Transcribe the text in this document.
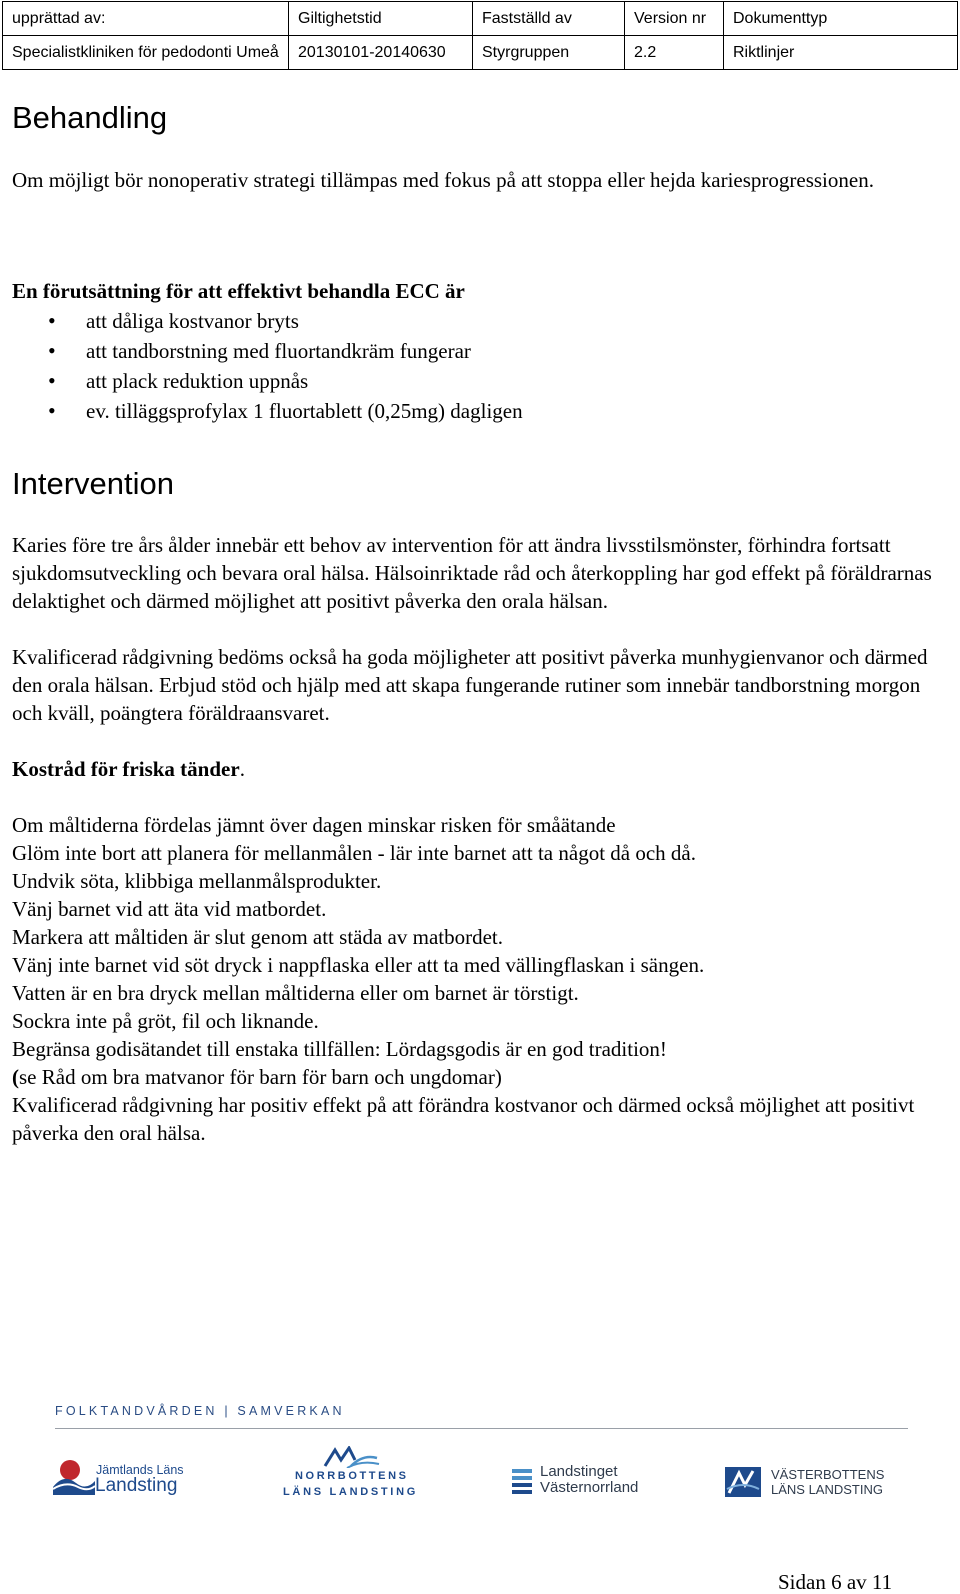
upprättad av:	Giltighetstid	Fastställd av	Version nr	Dokumenttyp
Specialistkliniken för pedodonti Umeå	20130101-20140630	Styrgruppen	2.2	Riktlinjer
Behandling

Om möjligt bör nonoperativ strategi tillämpas med fokus på att stoppa eller hejda kariesprogressionen.

En förutsättning för att effektivt behandla ECC är

• att dåliga kostvanor bryts
• att tandborstning med fluortandkräm fungerar
• att plack reduktion uppnås
• ev. tilläggsprofylax 1 fluortablett (0,25mg) dagligen
Intervention

Karies före tre års ålder innebär ett behov av intervention för att ändra livsstilsmönster, förhindra fortsatt sjukdomsutveckling och bevara oral hälsa. Hälsoinriktade råd och återkoppling har god effekt på föräldrarnas delaktighet och därmed möjlighet att positivt påverka den orala hälsan.

Kvalificerad rådgivning bedöms också ha goda möjligheter att positivt påverka munhygienvanor och därmed den orala hälsan. Erbjud stöd och hjälp med att skapa fungerande rutiner som innebär tandborstning morgon och kväll, poängtera föräldraansvaret.

Kostråd för friska tänder.

Om måltiderna fördelas jämnt över dagen minskar risken för småätande
Glöm inte bort att planera för mellanmålen - lär inte barnet att ta något då och då.
Undvik söta, klibbiga mellanmålsprodukter.
Vänj barnet vid att äta vid matbordet.
Markera att måltiden är slut genom att städa av matbordet.
Vänj inte barnet vid söt dryck i nappflaska eller att ta med vällingflaskan i sängen.
Vatten är en bra dryck mellan måltiderna eller om barnet är törstigt.
Sockra inte på gröt, fil och liknande.
Begränsa godisätandet till enstaka tillfällen: Lördagsgodis är en god tradition!
(se Råd om bra matvanor för barn för barn och ungdomar)

Kvalificerad rådgivning har positiv effekt på att förändra kostvanor och därmed också möjlighet att positivt påverka den oral hälsa.

FOLKTANDVÅRDEN | SAMVERKAN
Jämtlands Läns
Landsting	NORRBOTTENS
LÄNS LANDSTING
Landstinget
Västernorrland
VÄSTERBOTTENS
LÄNS LANDSTING
Sidan 6 av 11
